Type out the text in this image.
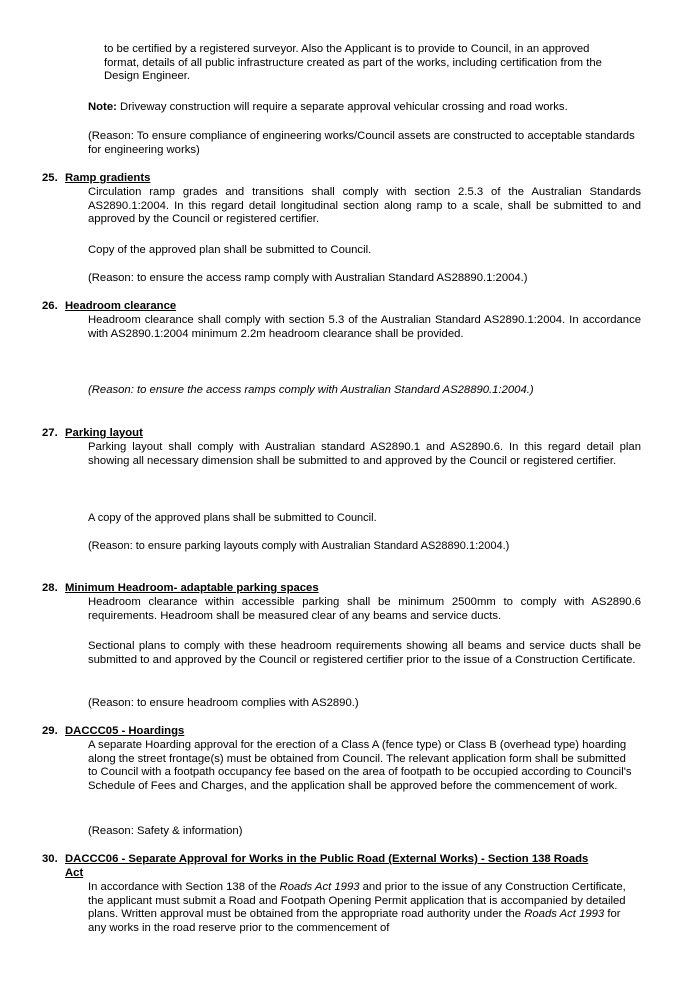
to be certified by a registered surveyor. Also the Applicant is to provide to Council, in an approved format, details of all public infrastructure created as part of the works, including certification from the Design Engineer.

Note: Driveway construction will require a separate approval vehicular crossing and road works.

(Reason: To ensure compliance of engineering works/Council assets are constructed to acceptable standards for engineering works)

25. Ramp gradients

Circulation ramp grades and transitions shall comply with section 2.5.3 of the Australian Standards AS2890.1:2004. In this regard detail longitudinal section along ramp to a scale, shall be submitted to and approved by the Council or registered certifier.

Copy of the approved plan shall be submitted to Council.

(Reason: to ensure the access ramp comply with Australian Standard AS28890.1:2004.)

26. Headroom clearance

Headroom clearance shall comply with section 5.3 of the Australian Standard AS2890.1:2004. In accordance with AS2890.1:2004 minimum 2.2m headroom clearance shall be provided.

(Reason: to ensure the access ramps comply with Australian Standard AS28890.1:2004.)

27. Parking layout

Parking layout shall comply with Australian standard AS2890.1 and AS2890.6. In this regard detail plan showing all necessary dimension shall be submitted to and approved by the Council or registered certifier.

A copy of the approved plans shall be submitted to Council.

(Reason: to ensure parking layouts comply with Australian Standard AS28890.1:2004.)

28. Minimum Headroom- adaptable parking spaces

Headroom clearance within accessible parking shall be minimum 2500mm to comply with AS2890.6 requirements. Headroom shall be measured clear of any beams and service ducts.

Sectional plans to comply with these headroom requirements showing all beams and service ducts shall be submitted to and approved by the Council or registered certifier prior to the issue of a Construction Certificate.

(Reason: to ensure headroom complies with AS2890.)

29. DACCC05 - Hoardings

A separate Hoarding approval for the erection of a Class A (fence type) or Class B (overhead type) hoarding along the street frontage(s) must be obtained from Council. The relevant application form shall be submitted to Council with a footpath occupancy fee based on the area of footpath to be occupied according to Council's Schedule of Fees and Charges, and the application shall be approved before the commencement of work.

(Reason: Safety & information)

30. DACCC06 - Separate Approval for Works in the Public Road (External Works) - Section 138 Roads
Act

In accordance with Section 138 of the Roads Act 1993 and prior to the issue of any Construction Certificate, the applicant must submit a Road and Footpath Opening Permit application that is accompanied by detailed plans. Written approval must be obtained from the appropriate road authority under the Roads Act 1993 for any works in the road reserve prior to the commencement of
